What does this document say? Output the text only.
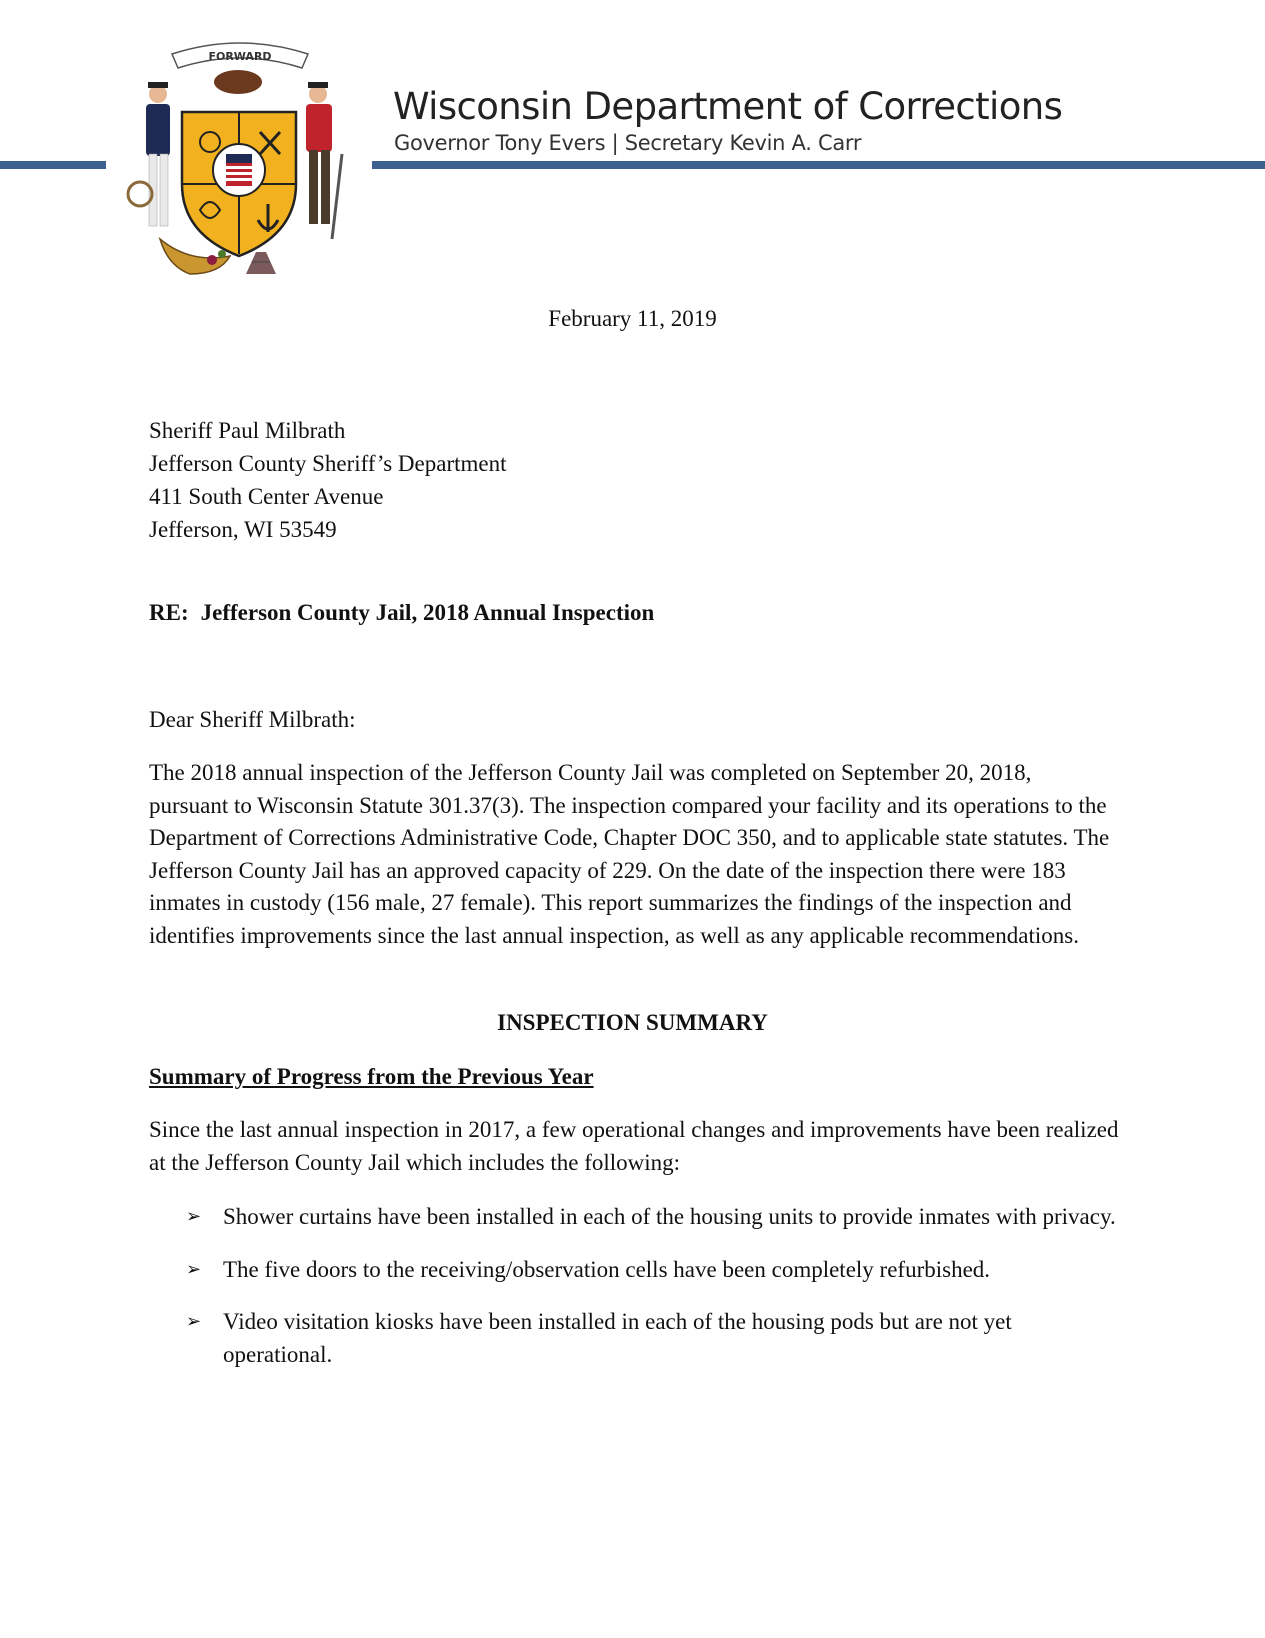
FORWARD
Wisconsin Department of Corrections
Governor Tony Evers | Secretary Kevin A. Carr
February 11, 2019
Sheriff Paul Milbrath
Jefferson County Sheriff’s Department
411 South Center Avenue
Jefferson, WI 53549
RE: Jefferson County Jail, 2018 Annual Inspection
Dear Sheriff Milbrath:

The 2018 annual inspection of the Jefferson County Jail was completed on September 20, 2018, pursuant to Wisconsin Statute 301.37(3). The inspection compared your facility and its operations to the Department of Corrections Administrative Code, Chapter DOC 350, and to applicable state statutes. The Jefferson County Jail has an approved capacity of 229. On the date of the inspection there were 183 inmates in custody (156 male, 27 female). This report summarizes the findings of the inspection and identifies improvements since the last annual inspection, as well as any applicable recommendations.

INSPECTION SUMMARY
Summary of Progress from the Previous Year

Since the last annual inspection in 2017, a few operational changes and improvements have been realized at the Jefferson County Jail which includes the following:

➢ Shower curtains have been installed in each of the housing units to provide inmates with privacy.
➢ The five doors to the receiving/observation cells have been completely refurbished.
➢ Video visitation kiosks have been installed in each of the housing pods but are not yet operational.
